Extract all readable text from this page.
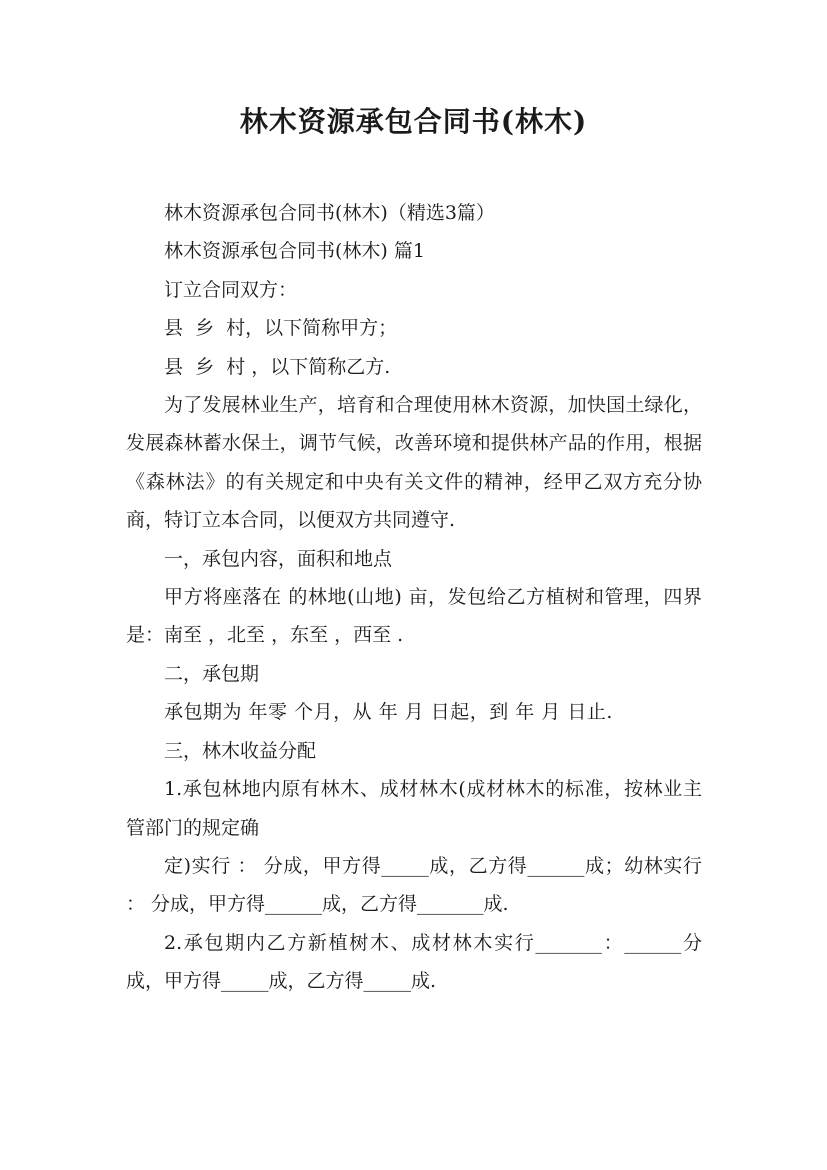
林木资源承包合同书(林木)

林木资源承包合同书(林木)（精选3篇）

林木资源承包合同书(林木) 篇1

订立合同双方：

县  乡  村，以下简称甲方；

县  乡  村 ，以下简称乙方.

为了发展林业生产，培育和合理使用林木资源，加快国土绿化，发展森林蓄水保土，调节气候，改善环境和提供林产品的作用，根据《森林法》的有关规定和中央有关文件的精神，经甲乙双方充分协商，特订立本合同，以便双方共同遵守.

一，承包内容，面积和地点

甲方将座落在 的林地(山地) 亩，发包给乙方植树和管理，四界是：南至 ，北至 ，东至 ，西至 .

二，承包期

承包期为 年零 个月，从 年 月 日起，到 年 月 日止.

三，林木收益分配

1.承包林地内原有林木、成材林木(成材林木的标准，按林业主管部门的规定确

定)实行 ： 分成，甲方得_____成，乙方得______成；幼林实行 ： 分成，甲方得______成，乙方得_______成.

2.承包期内乙方新植树木、成材林木实行_______：______分成，甲方得_____成，乙方得_____成.
